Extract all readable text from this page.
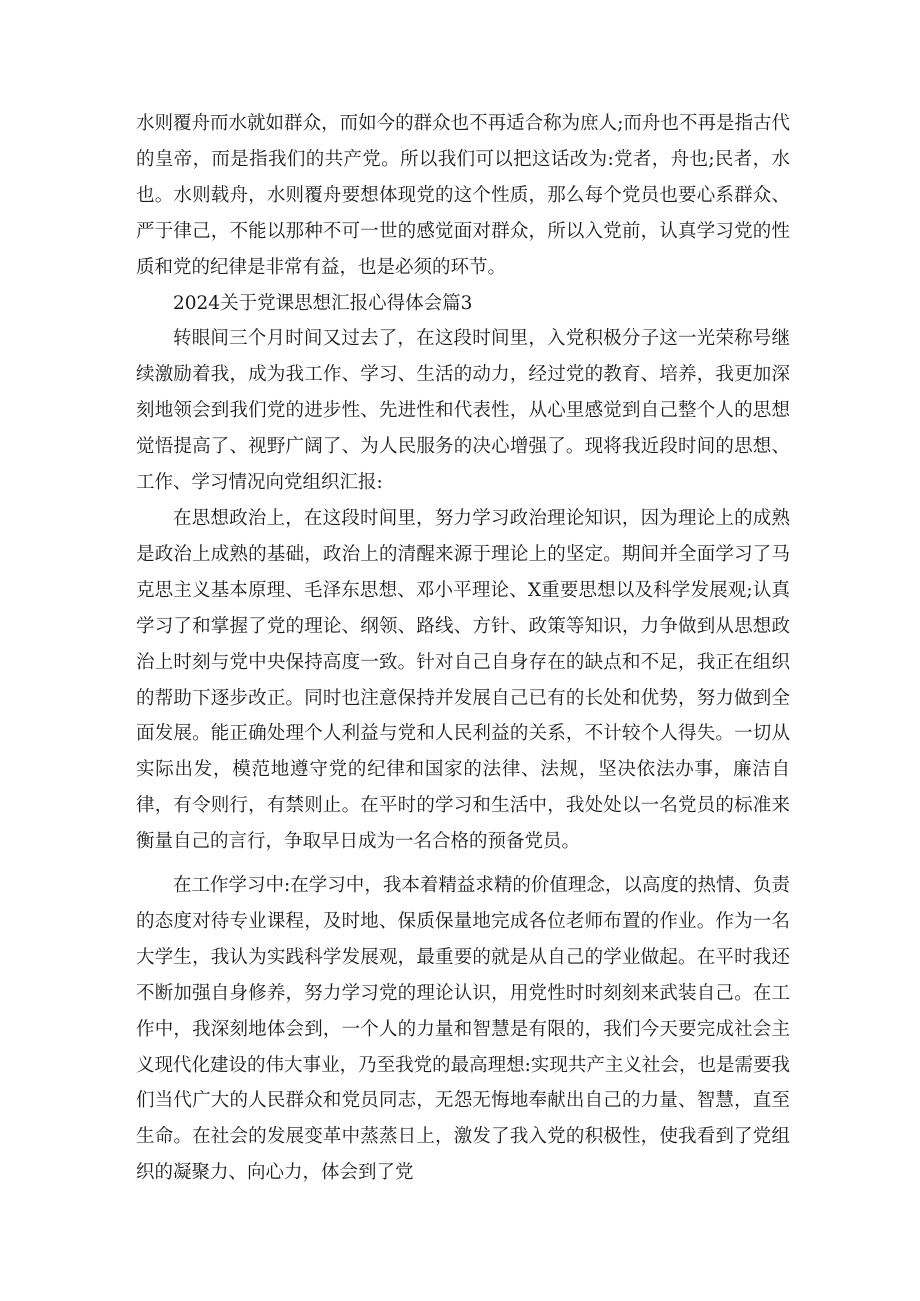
水则覆舟而水就如群众，而如今的群众也不再适合称为庶人;而舟也不再是指古代的皇帝，而是指我们的共产党。所以我们可以把这话改为:党者，舟也;民者，水也。水则载舟，水则覆舟要想体现党的这个性质，那么每个党员也要心系群众、严于律己，不能以那种不可一世的感觉面对群众，所以入党前，认真学习党的性质和党的纪律是非常有益，也是必须的环节。

2024关于党课思想汇报心得体会篇3

转眼间三个月时间又过去了，在这段时间里，入党积极分子这一光荣称号继续激励着我，成为我工作、学习、生活的动力，经过党的教育、培养，我更加深刻地领会到我们党的进步性、先进性和代表性，从心里感觉到自己整个人的思想觉悟提高了、视野广阔了、为人民服务的决心增强了。现将我近段时间的思想、工作、学习情况向党组织汇报:

在思想政治上，在这段时间里，努力学习政治理论知识，因为理论上的成熟是政治上成熟的基础，政治上的清醒来源于理论上的坚定。期间并全面学习了马克思主义基本原理、毛泽东思想、邓小平理论、X重要思想以及科学发展观;认真学习了和掌握了党的理论、纲领、路线、方针、政策等知识，力争做到从思想政治上时刻与党中央保持高度一致。针对自己自身存在的缺点和不足，我正在组织的帮助下逐步改正。同时也注意保持并发展自己已有的长处和优势，努力做到全面发展。能正确处理个人利益与党和人民利益的关系，不计较个人得失。一切从实际出发，模范地遵守党的纪律和国家的法律、法规，坚决依法办事，廉洁自律，有令则行，有禁则止。在平时的学习和生活中，我处处以一名党员的标准来衡量自己的言行，争取早日成为一名合格的预备党员。

在工作学习中:在学习中，我本着精益求精的价值理念，以高度的热情、负责的态度对待专业课程，及时地、保质保量地完成各位老师布置的作业。作为一名大学生，我认为实践科学发展观，最重要的就是从自己的学业做起。在平时我还不断加强自身修养，努力学习党的理论认识，用党性时时刻刻来武装自己。在工作中，我深刻地体会到，一个人的力量和智慧是有限的，我们今天要完成社会主义现代化建设的伟大事业，乃至我党的最高理想:实现共产主义社会，也是需要我们当代广大的人民群众和党员同志，无怨无悔地奉献出自己的力量、智慧，直至生命。在社会的发展变革中蒸蒸日上，激发了我入党的积极性，使我看到了党组织的凝聚力、向心力，体会到了党
